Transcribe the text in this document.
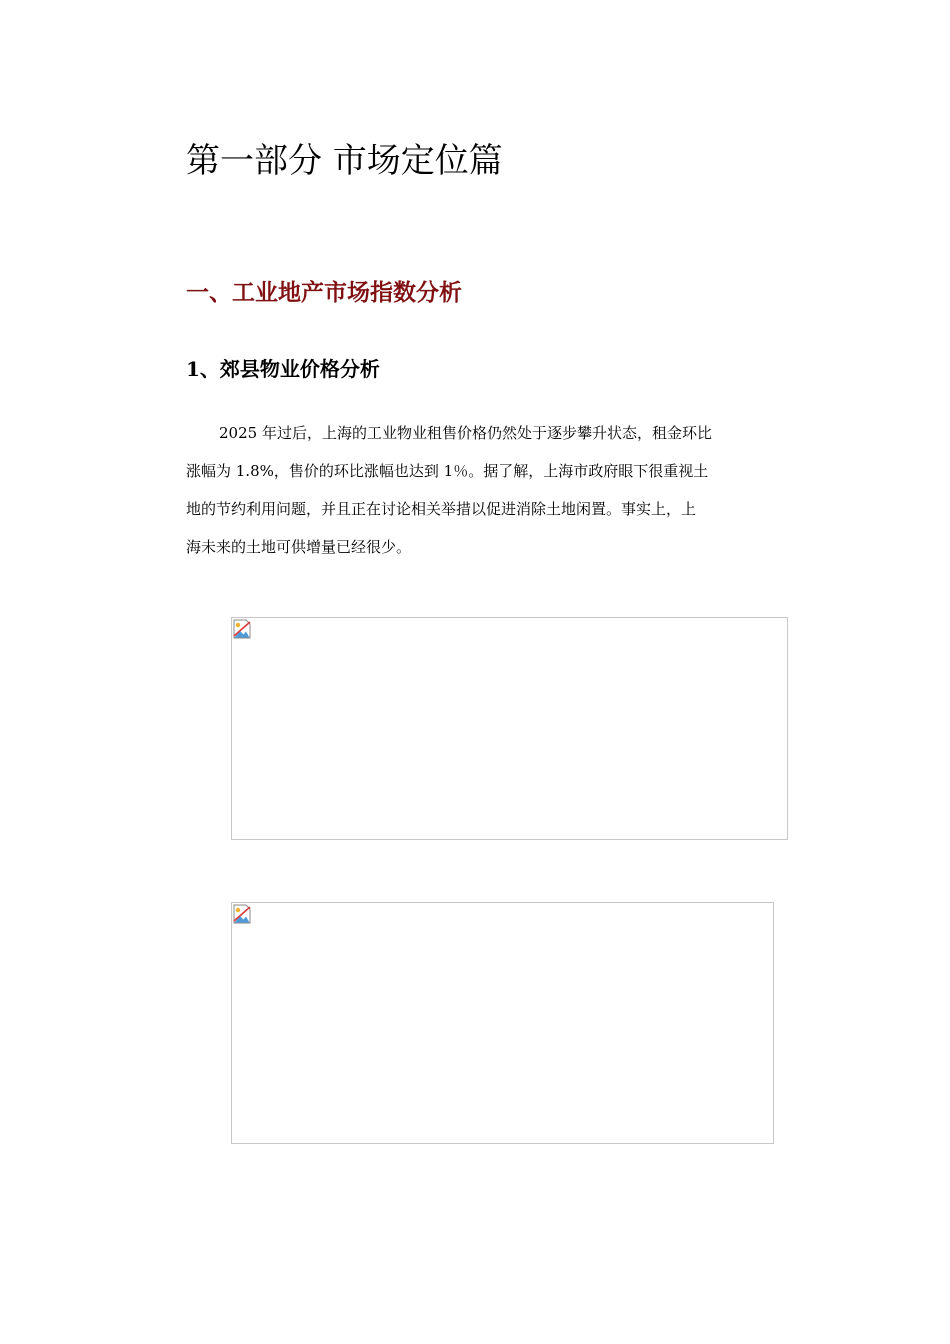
第一部分 市场定位篇
一、工业地产市场指数分析
1、郊县物业价格分析

2025 年过后，上海的工业物业租售价格仍然处于逐步攀升状态，租金环比
涨幅为 1.8%，售价的环比涨幅也达到 1％。据了解，上海市政府眼下很重视土
地的节约利用问题，并且正在讨论相关举措以促进消除土地闲置。事实上，上
海未来的土地可供增量已经很少。
